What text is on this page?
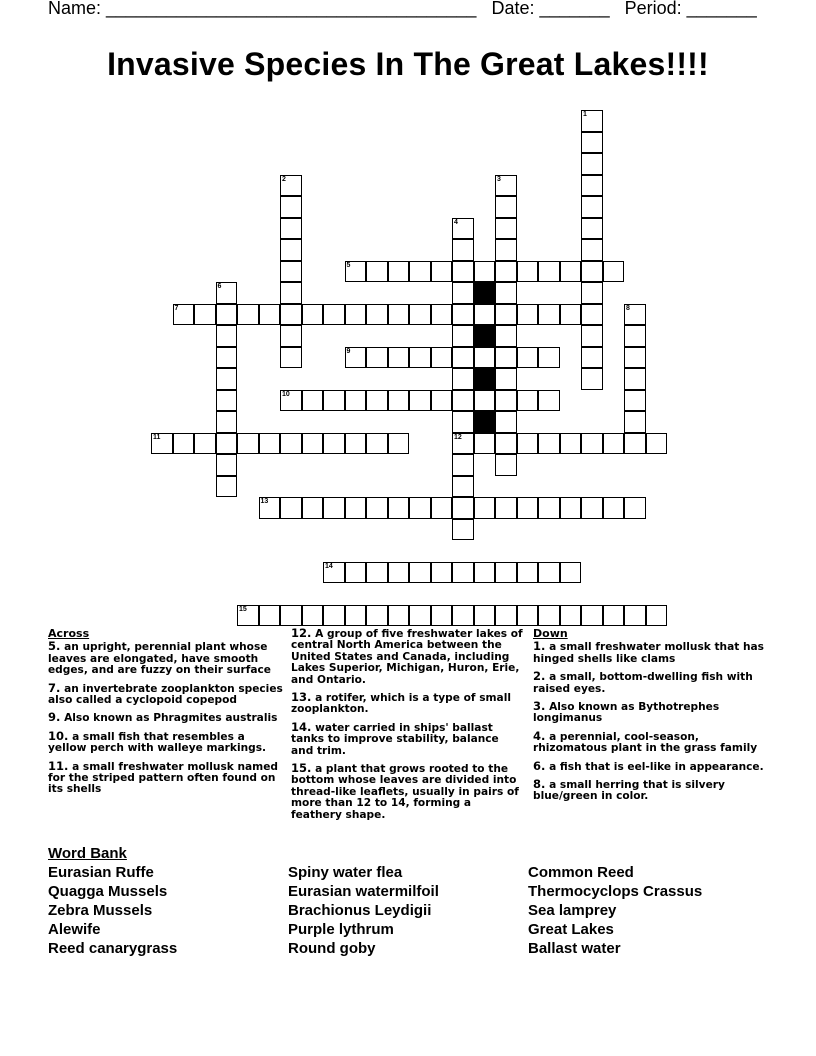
Name: _____________________________________ Date: _______ Period: _______
Invasive Species In The Great Lakes!!!!
1
2	3
4
12
5
6
7	8
9
10
11
13
14
15
Across
5. an upright, perennial plant whose leaves are elongated, have smooth edges, and are fuzzy on their surface
7. an invertebrate zooplankton species also called a cyclopoid copepod
9. Also known as Phragmites australis
10. a small fish that resembles a yellow perch with walleye markings.
11. a small freshwater mollusk named for the striped pattern often found on its shells
12. A group of five freshwater lakes of central North America between the United States and Canada, including Lakes Superior, Michigan, Huron, Erie, and Ontario.
13. a rotifer, which is a type of small zooplankton.
14. water carried in ships' ballast tanks to improve stability, balance and trim.
15. a plant that grows rooted to the bottom whose leaves are divided into thread-like leaflets, usually in pairs of more than 12 to 14, forming a feathery shape.
Down
1. a small freshwater mollusk that has hinged shells like clams
2. a small, bottom-dwelling fish with raised eyes.
3. Also known as Bythotrephes longimanus
4. a perennial, cool-season, rhizomatous plant in the grass family
6. a fish that is eel-like in appearance.
8. a small herring that is silvery blue/green in color.
Word Bank
Eurasian Ruffe
Quagga Mussels
Zebra Mussels
Alewife
Reed canarygrass
Spiny water flea
Eurasian watermilfoil
Brachionus Leydigii
Purple lythrum
Round goby
Common Reed
Thermocyclops Crassus
Sea lamprey
Great Lakes
Ballast water
